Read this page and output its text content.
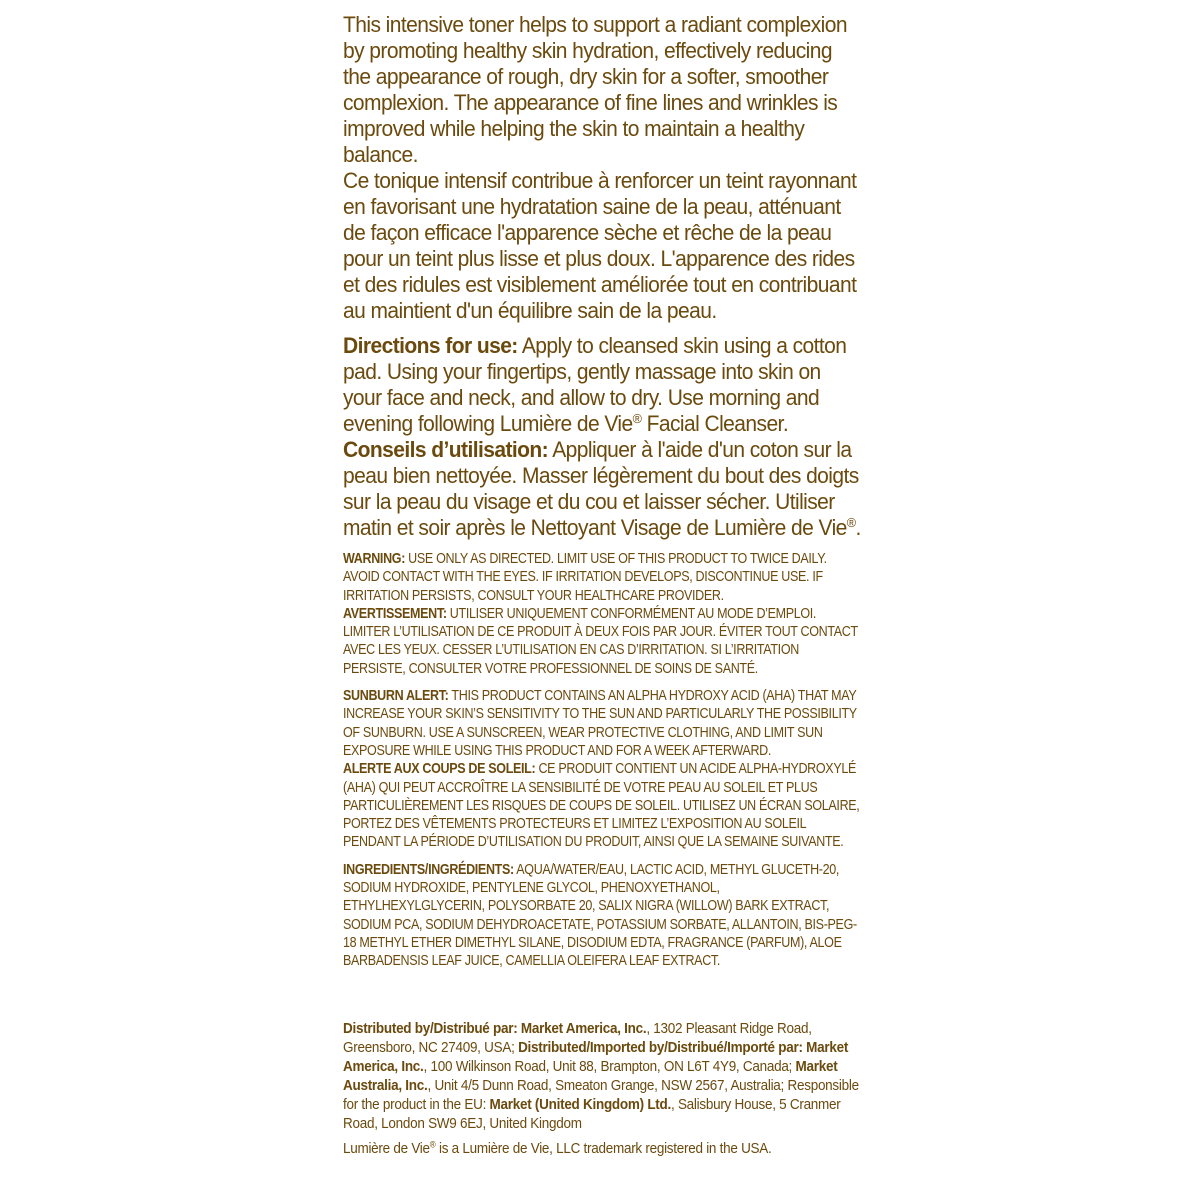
This intensive toner helps to support a radiant complexion by promoting healthy skin hydration, effectively reducing the appearance of rough, dry skin for a softer, smoother complexion. The appearance of fine lines and wrinkles is improved while helping the skin to maintain a healthy balance.

Ce tonique intensif contribue à renforcer un teint rayonnant en favorisant une hydratation saine de la peau, atténuant de façon efficace l'apparence sèche et rêche de la peau pour un teint plus lisse et plus doux. L'apparence des rides et des ridules est visiblement améliorée tout en contribuant au maintient d'un équilibre sain de la peau.

Directions for use: Apply to cleansed skin using a cotton pad. Using your fingertips, gently massage into skin on your face and neck, and allow to dry. Use morning and evening following Lumière de Vie® Facial Cleanser.

Conseils d’utilisation: Appliquer à l'aide d'un coton sur la peau bien nettoyée. Masser légèrement du bout des doigts sur la peau du visage et du cou et laisser sécher. Utiliser matin et soir après le Nettoyant Visage de Lumière de Vie®.

WARNING: USE ONLY AS DIRECTED. LIMIT USE OF THIS PRODUCT TO TWICE DAILY. AVOID CONTACT WITH THE EYES. IF IRRITATION DEVELOPS, DISCONTINUE USE. IF IRRITATION PERSISTS, CONSULT YOUR HEALTHCARE PROVIDER.

AVERTISSEMENT: UTILISER UNIQUEMENT CONFORMÉMENT AU MODE D’EMPLOI. LIMITER L’UTILISATION DE CE PRODUIT À DEUX FOIS PAR JOUR. ÉVITER TOUT CONTACT AVEC LES YEUX. CESSER L’UTILISATION EN CAS D’IRRITATION. SI L’IRRITATION PERSISTE, CONSULTER VOTRE PROFESSIONNEL DE SOINS DE SANTÉ.

SUNBURN ALERT: THIS PRODUCT CONTAINS AN ALPHA HYDROXY ACID (AHA) THAT MAY INCREASE YOUR SKIN’S SENSITIVITY TO THE SUN AND PARTICULARLY THE POSSIBILITY OF SUNBURN. USE A SUNSCREEN, WEAR PROTECTIVE CLOTHING, AND LIMIT SUN EXPOSURE WHILE USING THIS PRODUCT AND FOR A WEEK AFTERWARD.

ALERTE AUX COUPS DE SOLEIL: CE PRODUIT CONTIENT UN ACIDE ALPHA-HYDROXYLÉ (AHA) QUI PEUT ACCROÎTRE LA SENSIBILITÉ DE VOTRE PEAU AU SOLEIL ET PLUS PARTICULIÈREMENT LES RISQUES DE COUPS DE SOLEIL. UTILISEZ UN ÉCRAN SOLAIRE, PORTEZ DES VÊTEMENTS PROTECTEURS ET LIMITEZ L’EXPOSITION AU SOLEIL PENDANT LA PÉRIODE D’UTILISATION DU PRODUIT, AINSI QUE LA SEMAINE SUIVANTE.

INGREDIENTS/INGRÉDIENTS: AQUA/WATER/EAU, LACTIC ACID, METHYL GLUCETH-20, SODIUM HYDROXIDE, PENTYLENE GLYCOL, PHENOXYETHANOL, ETHYLHEXYLGLYCERIN, POLYSORBATE 20, SALIX NIGRA (WILLOW) BARK EXTRACT, SODIUM PCA, SODIUM DEHYDROACETATE, POTASSIUM SORBATE, ALLANTOIN, BIS-PEG-18 METHYL ETHER DIMETHYL SILANE, DISODIUM EDTA, FRAGRANCE (PARFUM), ALOE BARBADENSIS LEAF JUICE, CAMELLIA OLEIFERA LEAF EXTRACT.

Distributed by/Distribué par: Market America, Inc., 1302 Pleasant Ridge Road, Greensboro, NC 27409, USA; Distributed/Imported by/Distribué/Importé par: Market America, Inc., 100 Wilkinson Road, Unit 88, Brampton, ON L6T 4Y9, Canada; Market Australia, Inc., Unit 4/5 Dunn Road, Smeaton Grange, NSW 2567, Australia; Responsible for the product in the EU: Market (United Kingdom) Ltd., Salisbury House, 5 Cranmer Road, London SW9 6EJ, United Kingdom

Lumière de Vie® is a Lumière de Vie, LLC trademark registered in the USA.
